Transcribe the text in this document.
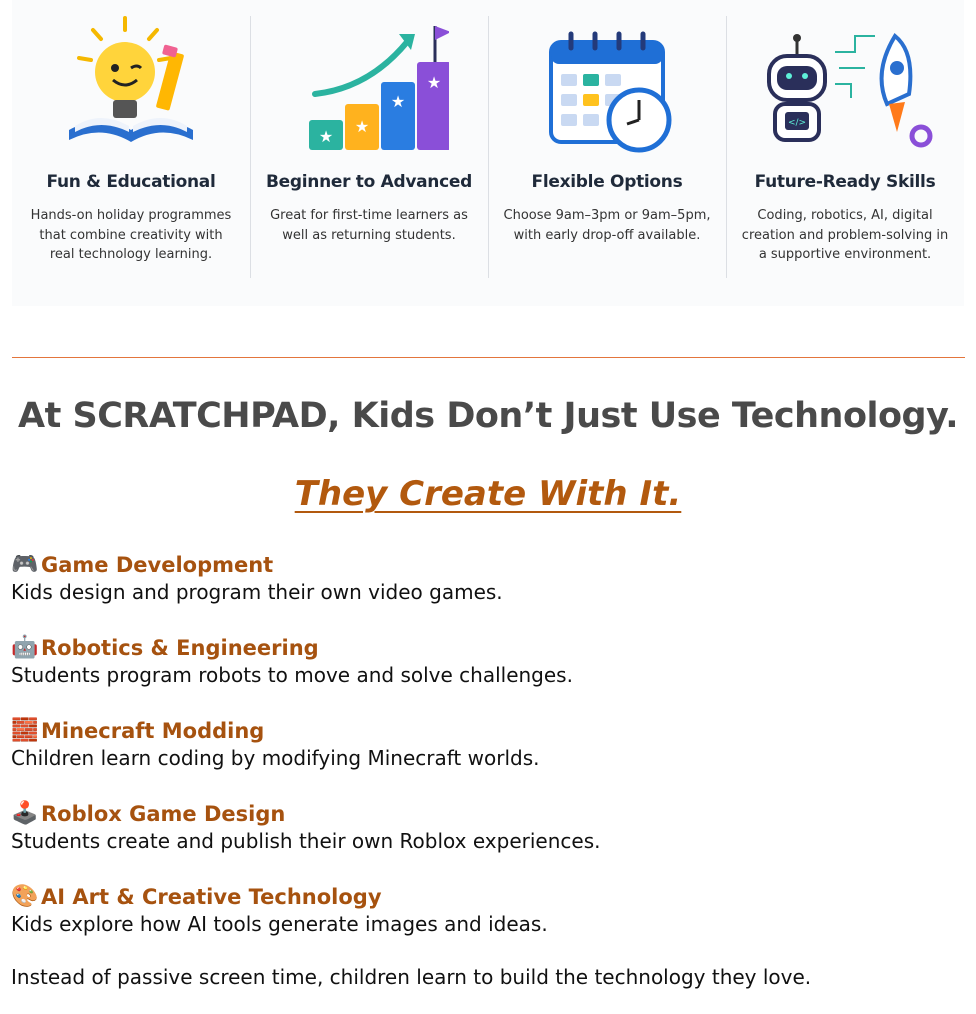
Fun & Educational
Hands-on holiday programmes that combine creativity with real technology learning.
★
★
★
★
Beginner to Advanced
Great for first-time learners as well as returning students.
Flexible Options
Choose 9am–3pm or 9am–5pm, with early drop-off available.
</>
Future-Ready Skills
Coding, robotics, AI, digital creation and problem-solving in a supportive environment.
At SCRATCHPAD, Kids Don’t Just Use Technology.
They Create With It.
🎮 Game Development
Kids design and program their own video games.
🤖 Robotics & Engineering
Students program robots to move and solve challenges.
🧱 Minecraft Modding
Children learn coding by modifying Minecraft worlds.
🕹️ Roblox Game Design
Students create and publish their own Roblox experiences.
🎨 AI Art & Creative Technology
Kids explore how AI tools generate images and ideas.
Instead of passive screen time, children learn to build the technology they love.
